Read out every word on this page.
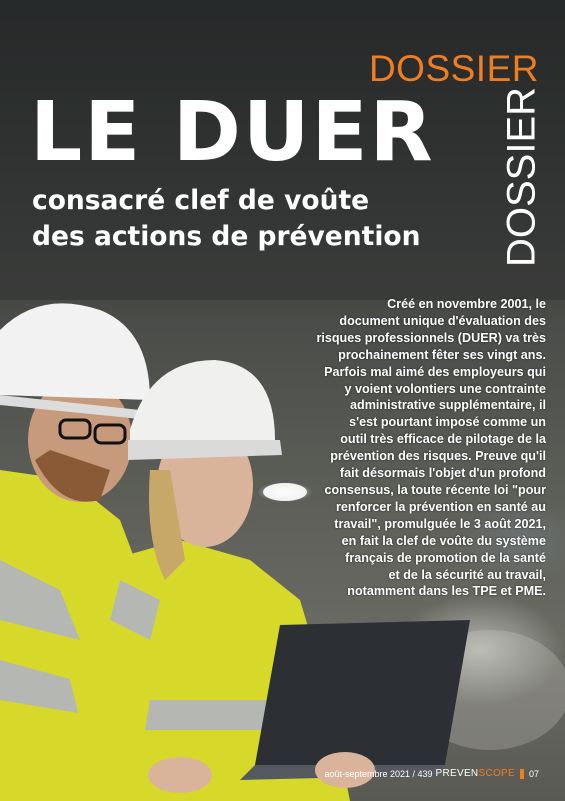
DOSSIER
DOSSIER
LE DUER
consacré clef de voûte
des actions de prévention
Créé en novembre 2001, le
document unique d'évaluation des
risques professionnels (DUER) va très
prochainement fêter ses vingt ans.
Parfois mal aimé des employeurs qui
y voient volontiers une contrainte
administrative supplémentaire, il
s'est pourtant imposé comme un
outil très efficace de pilotage de la
prévention des risques. Preuve qu'il
fait désormais l'objet d'un profond
consensus, la toute récente loi "pour
renforcer la prévention en santé au
travail", promulguée le 3 août 2021,
en fait la clef de voûte du système
français de promotion de la santé
et de la sécurité au travail,
notamment dans les TPE et PME.
août-septembre 2021 / 439 PREVENSCOPE 07
